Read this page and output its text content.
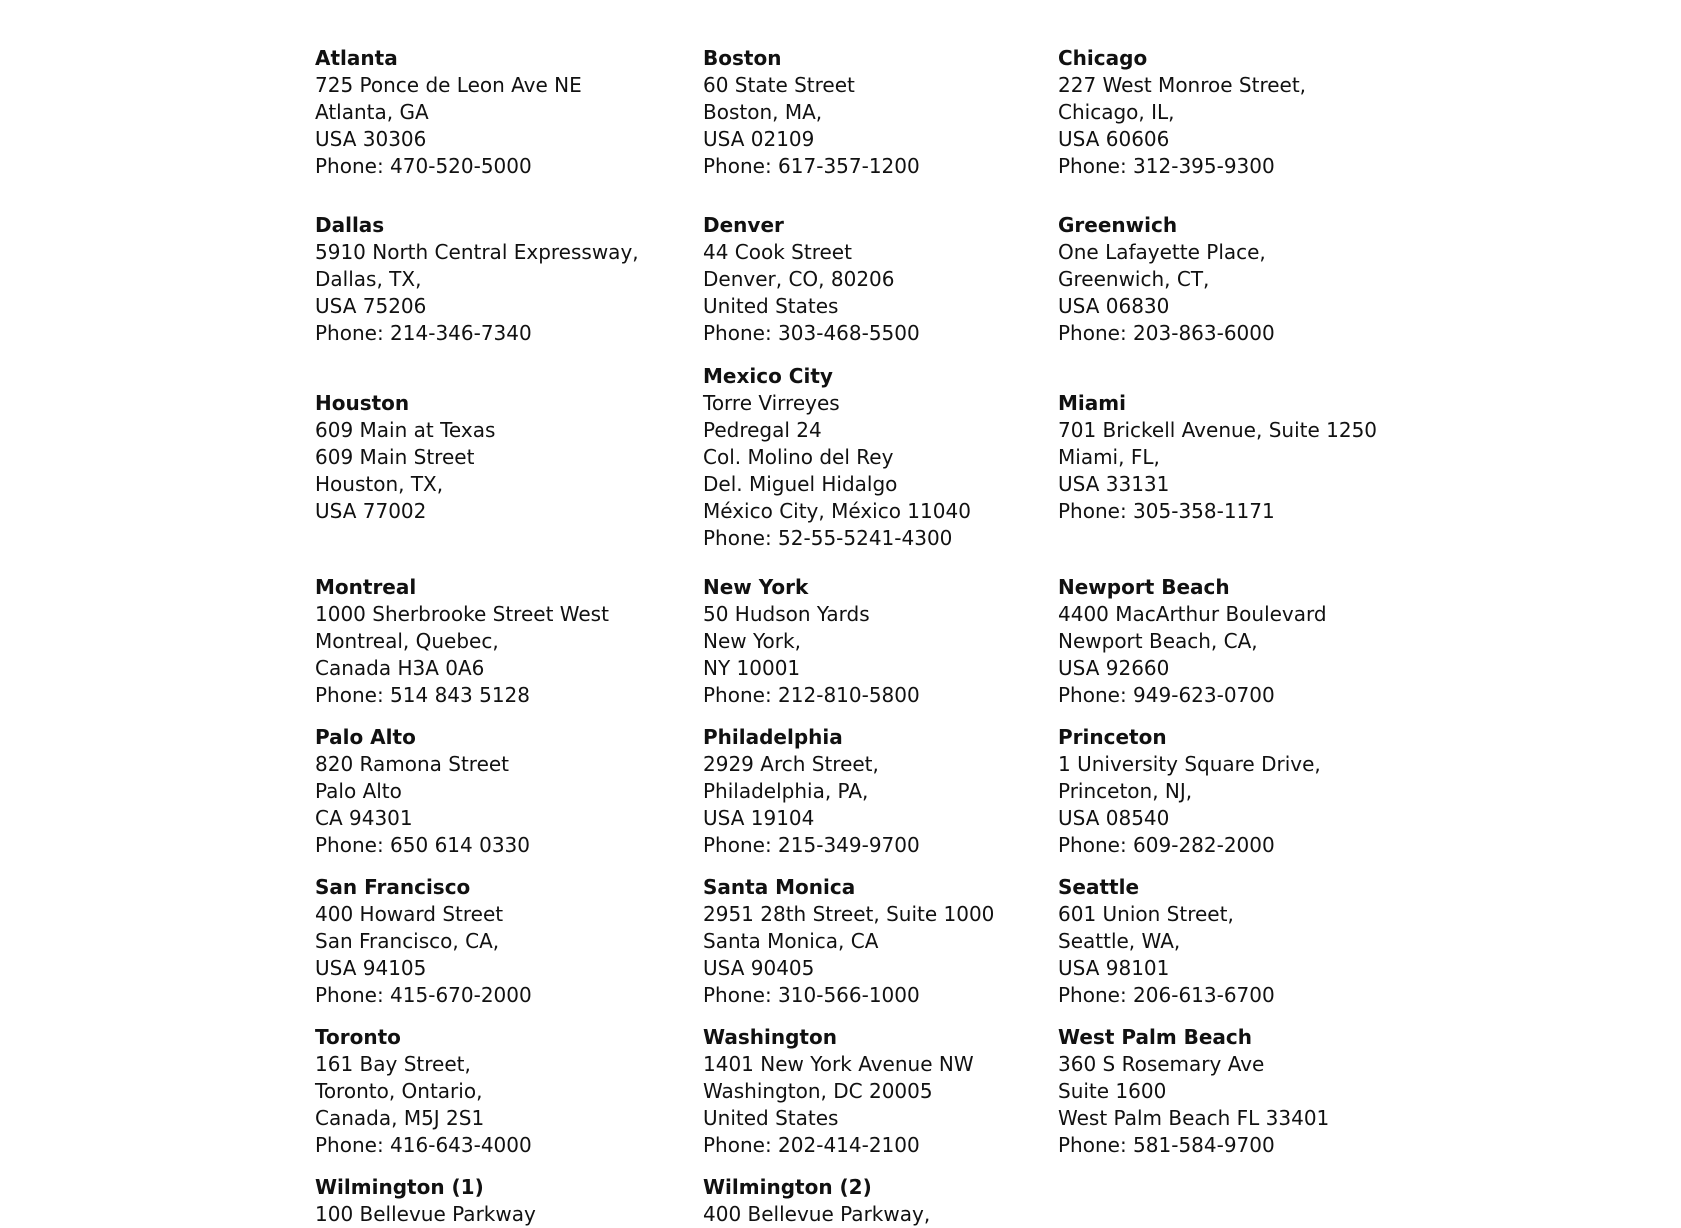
Atlanta
725 Ponce de Leon Ave NE
Atlanta, GA
USA 30306
Phone: 470-520-5000
Boston
60 State Street
Boston, MA,
USA 02109
Phone: 617-357-1200
Chicago
227 West Monroe Street,
Chicago, IL,
USA 60606
Phone: 312-395-9300
Dallas
5910 North Central Expressway,
Dallas, TX,
USA 75206
Phone: 214-346-7340
Denver
44 Cook Street
Denver, CO, 80206
United States
Phone: 303-468-5500
Greenwich
One Lafayette Place,
Greenwich, CT,
USA 06830
Phone: 203-863-6000
Houston
609 Main at Texas
609 Main Street
Houston, TX,
USA 77002
Mexico City
Torre Virreyes
Pedregal 24
Col. Molino del Rey
Del. Miguel Hidalgo
México City, México 11040
Phone: 52-55-5241-4300
Miami
701 Brickell Avenue, Suite 1250
Miami, FL,
USA 33131
Phone: 305-358-1171
Montreal
1000 Sherbrooke Street West
Montreal, Quebec,
Canada H3A 0A6
Phone: 514 843 5128
New York
50 Hudson Yards
New York,
NY 10001
Phone: 212-810-5800
Newport Beach
4400 MacArthur Boulevard
Newport Beach, CA,
USA 92660
Phone: 949-623-0700
Palo Alto
820 Ramona Street
Palo Alto
CA 94301
Phone: 650 614 0330
Philadelphia
2929 Arch Street,
Philadelphia, PA,
USA 19104
Phone: 215-349-9700
Princeton
1 University Square Drive,
Princeton, NJ,
USA 08540
Phone: 609-282-2000
San Francisco
400 Howard Street
San Francisco, CA,
USA 94105
Phone: 415-670-2000
Santa Monica
2951 28th Street, Suite 1000
Santa Monica, CA
USA 90405
Phone: 310-566-1000
Seattle
601 Union Street,
Seattle, WA,
USA 98101
Phone: 206-613-6700
Toronto
161 Bay Street,
Toronto, Ontario,
Canada, M5J 2S1
Phone: 416-643-4000
Washington
1401 New York Avenue NW
Washington, DC 20005
United States
Phone: 202-414-2100
West Palm Beach
360 S Rosemary Ave
Suite 1600
West Palm Beach FL 33401
Phone: 581-584-9700
Wilmington (1)
100 Bellevue Parkway
Wilmington (2)
400 Bellevue Parkway,
